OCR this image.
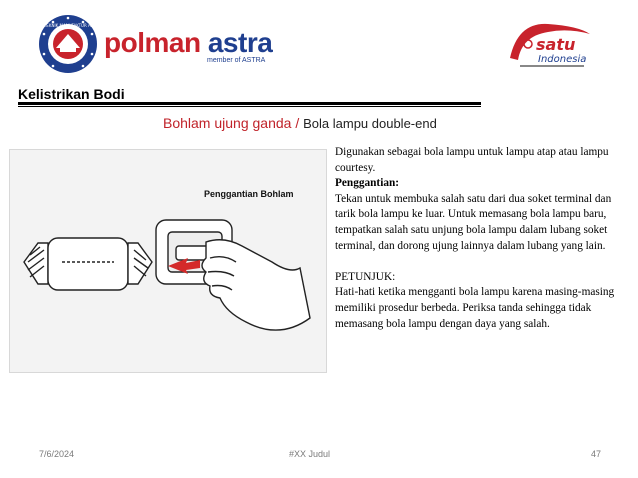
POLITEKNIK MANUFAKTUR ASTRA
polman astra
member of ASTRA
satu
Indonesia
Kelistrikan Bodi
Bohlam ujung ganda / Bola lampu double-end
Penggantian Bohlam

Digunakan sebagai bola lampu untuk lampu atap atau lampu courtesy.

Penggantian:

Tekan untuk membuka salah satu dari dua soket terminal dan tarik bola lampu ke luar. Untuk memasang bola lampu baru, tempatkan salah satu unjung bola lampu dalam lubang soket terminal, dan dorong ujung lainnya dalam lubang yang lain.

PETUNJUK:

Hati-hati ketika mengganti bola lampu karena masing-masing memiliki prosedur berbeda. Periksa tanda sehingga tidak memasang bola lampu dengan daya yang salah.

7/6/2024	#XX Judul	47
